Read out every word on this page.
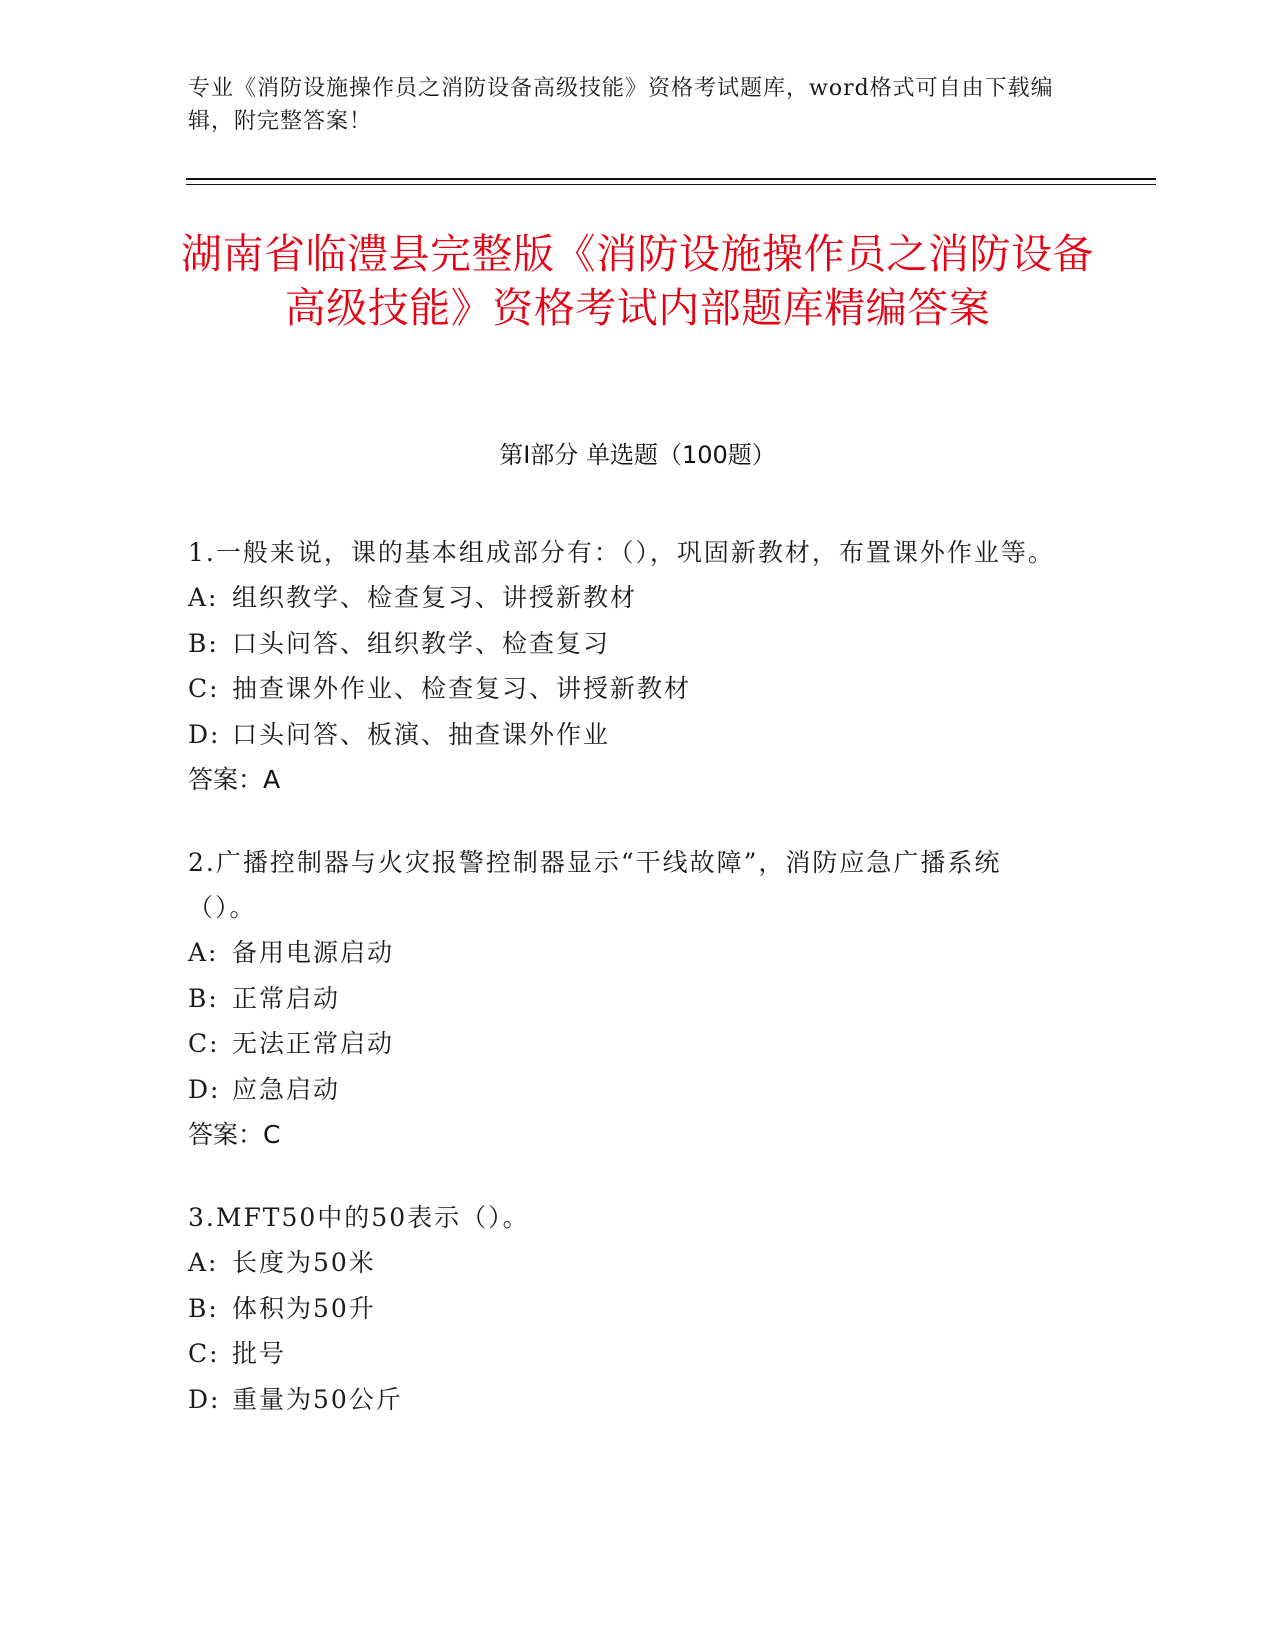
专业《消防设施操作员之消防设备高级技能》资格考试题库，word格式可自由下载编辑，附完整答案！
湖南省临澧县完整版《消防设施操作员之消防设备高级技能》资格考试内部题库精编答案
第Ⅰ部分 单选题（100题）

1.一般来说，课的基本组成部分有：（），巩固新教材，布置课外作业等。

A: 组织教学、检查复习、讲授新教材

B: 口头问答、组织教学、检查复习

C: 抽查课外作业、检查复习、讲授新教材

D: 口头问答、板演、抽查课外作业

答案：A

2.广播控制器与火灾报警控制器显示“干线故障”，消防应急广播系统（）。

A: 备用电源启动

B: 正常启动

C: 无法正常启动

D: 应急启动

答案：C

3.MFT50中的50表示（）。

A: 长度为50米

B: 体积为50升

C: 批号

D: 重量为50公斤
